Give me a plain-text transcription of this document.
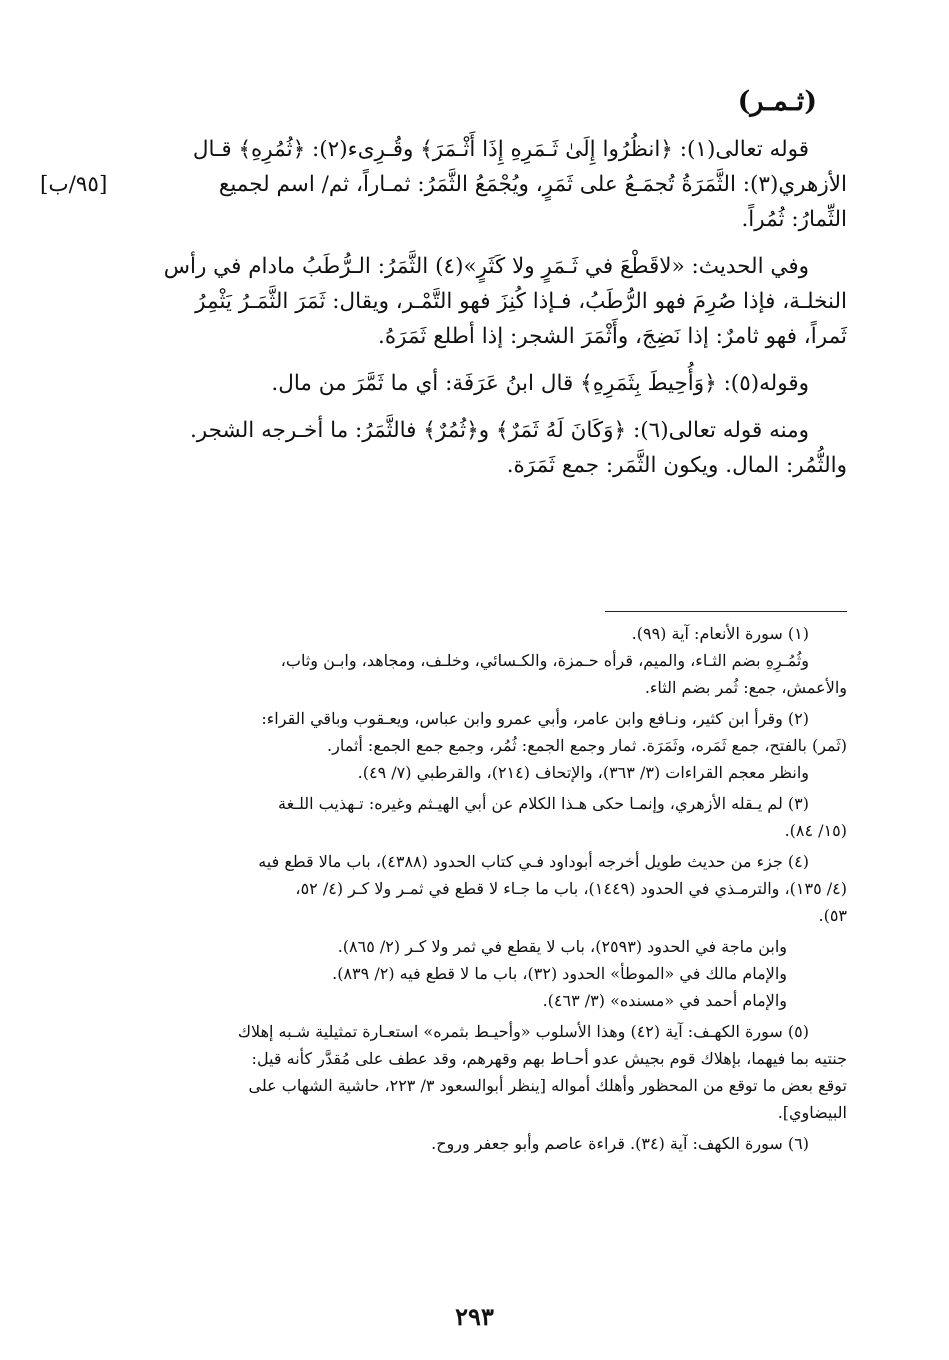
(ثـمـر)

قوله تعالى(١): ﴿انظُرُوا إِلَىٰ ثَـمَرِهِ إِذَا أَثْـمَرَ﴾ وقُـرِىء(٢): ﴿ثُمُرِهِ﴾ قـال

[٩٥/ب]	الأزهري(٣): الثَّمَرَةُ تُجمَـعُ على ثَمَرٍ، ويُجْمَعُ الثَّمَرُ: ثمـاراً، ثم/ اسم لجميع

الثِّمارُ: ثُمُراً.

وفي الحديث: «لاقَطْعَ في ثَـمَرٍ ولا كَثَرٍ»(٤) الثَّمَرُ: الـرُّطَبُ مادام في رأس

النخلـة، فإذا صُرِمَ فهو الرُّطَبُ، فـإذا كُنِزَ فهو التَّمْـر، ويقال: ثَمَرَ الثَّمَـرُ يَثْمِرُ

ثَمراً، فهو ثامرٌ: إذا نَضِجَ، وأَثْمَرَ الشجر: إذا أطلع ثَمَرَهُ.

وقوله(٥): ﴿وَأُحِيطَ بِثَمَرِهِ﴾ قال ابنُ عَرَفَة: أي ما ثَمَّرَ من مال.

ومنه قوله تعالى(٦): ﴿وَكَانَ لَهُ ثَمَرٌ﴾ و﴿ثُمُرٌ﴾ فالثَّمَرُ: ما أخـرجه الشجر.

والثُّمُر: المال. ويكون الثَّمَر: جمع ثَمَرَة.

(١) سورة الأنعام: آية (٩٩).

وثُمُـرِهِ بضم الثـاء، والميم، قرأه حـمزة، والكـسائي، وخلـف، ومجاهد، وابـن وثاب،

والأعمش، جمع: ثُمر بضم الثاء.

(٢) وقرأ ابن كثير، ونـافع وابن عامر، وأبي عمرو وابن عباس، ويعـقوب وباقي القراء:

(ثَمر) بالفتح، جمع ثَمَره، وثَمَرَة. ثمار وجمع الجمع: ثُمُر، وجمع جمع الجمع: أثمار.

وانظر معجم القراءات (٣/ ٣٦٣)، والإتحاف (٢١٤)، والقرطبي (٧/ ٤٩).

(٣) لم يـقله الأزهري، وإنمـا حكى هـذا الكلام عن أبي الهيـثم وغيره: تـهذيب اللـغة

(١٥/ ٨٤).

(٤) جزء من حديث طويل أخرجه أبوداود فـي كتاب الحدود (٤٣٨٨)، باب مالا قطع فيه

(٤/ ١٣٥)، والترمـذي في الحدود (١٤٤٩)، باب ما جـاء لا قطع في ثمـر ولا كـر (٤/ ٥٢،

٥٣).

وابن ماجة في الحدود (٢٥٩٣)، باب لا يقطع في ثمر ولا كـر (٢/ ٨٦٥).

والإمام مالك في «الموطأ» الحدود (٣٢)، باب ما لا قطع فيه (٢/ ٨٣٩).

والإمام أحمد في «مسنده» (٣/ ٤٦٣).

(٥) سورة الكهـف: آية (٤٢) وهذا الأسلوب «وأحيـط بثمره» استعـارة تمثيلية شـبه إهلاك

جنتيه بما فيهما، بإهلاك قوم بجيش عدو أحـاط بهم وقهرهم، وقد عطف على مُقدَّر كأنه قيل:

توقع بعض ما توقع من المحظور وأهلك أمواله [ينظر أبوالسعود ٣/ ٢٢٣، حاشية الشهاب على

البيضاوي].

(٦) سورة الكهف: آية (٣٤). قراءة عاصم وأبو جعفر وروح.

٢٩٣
